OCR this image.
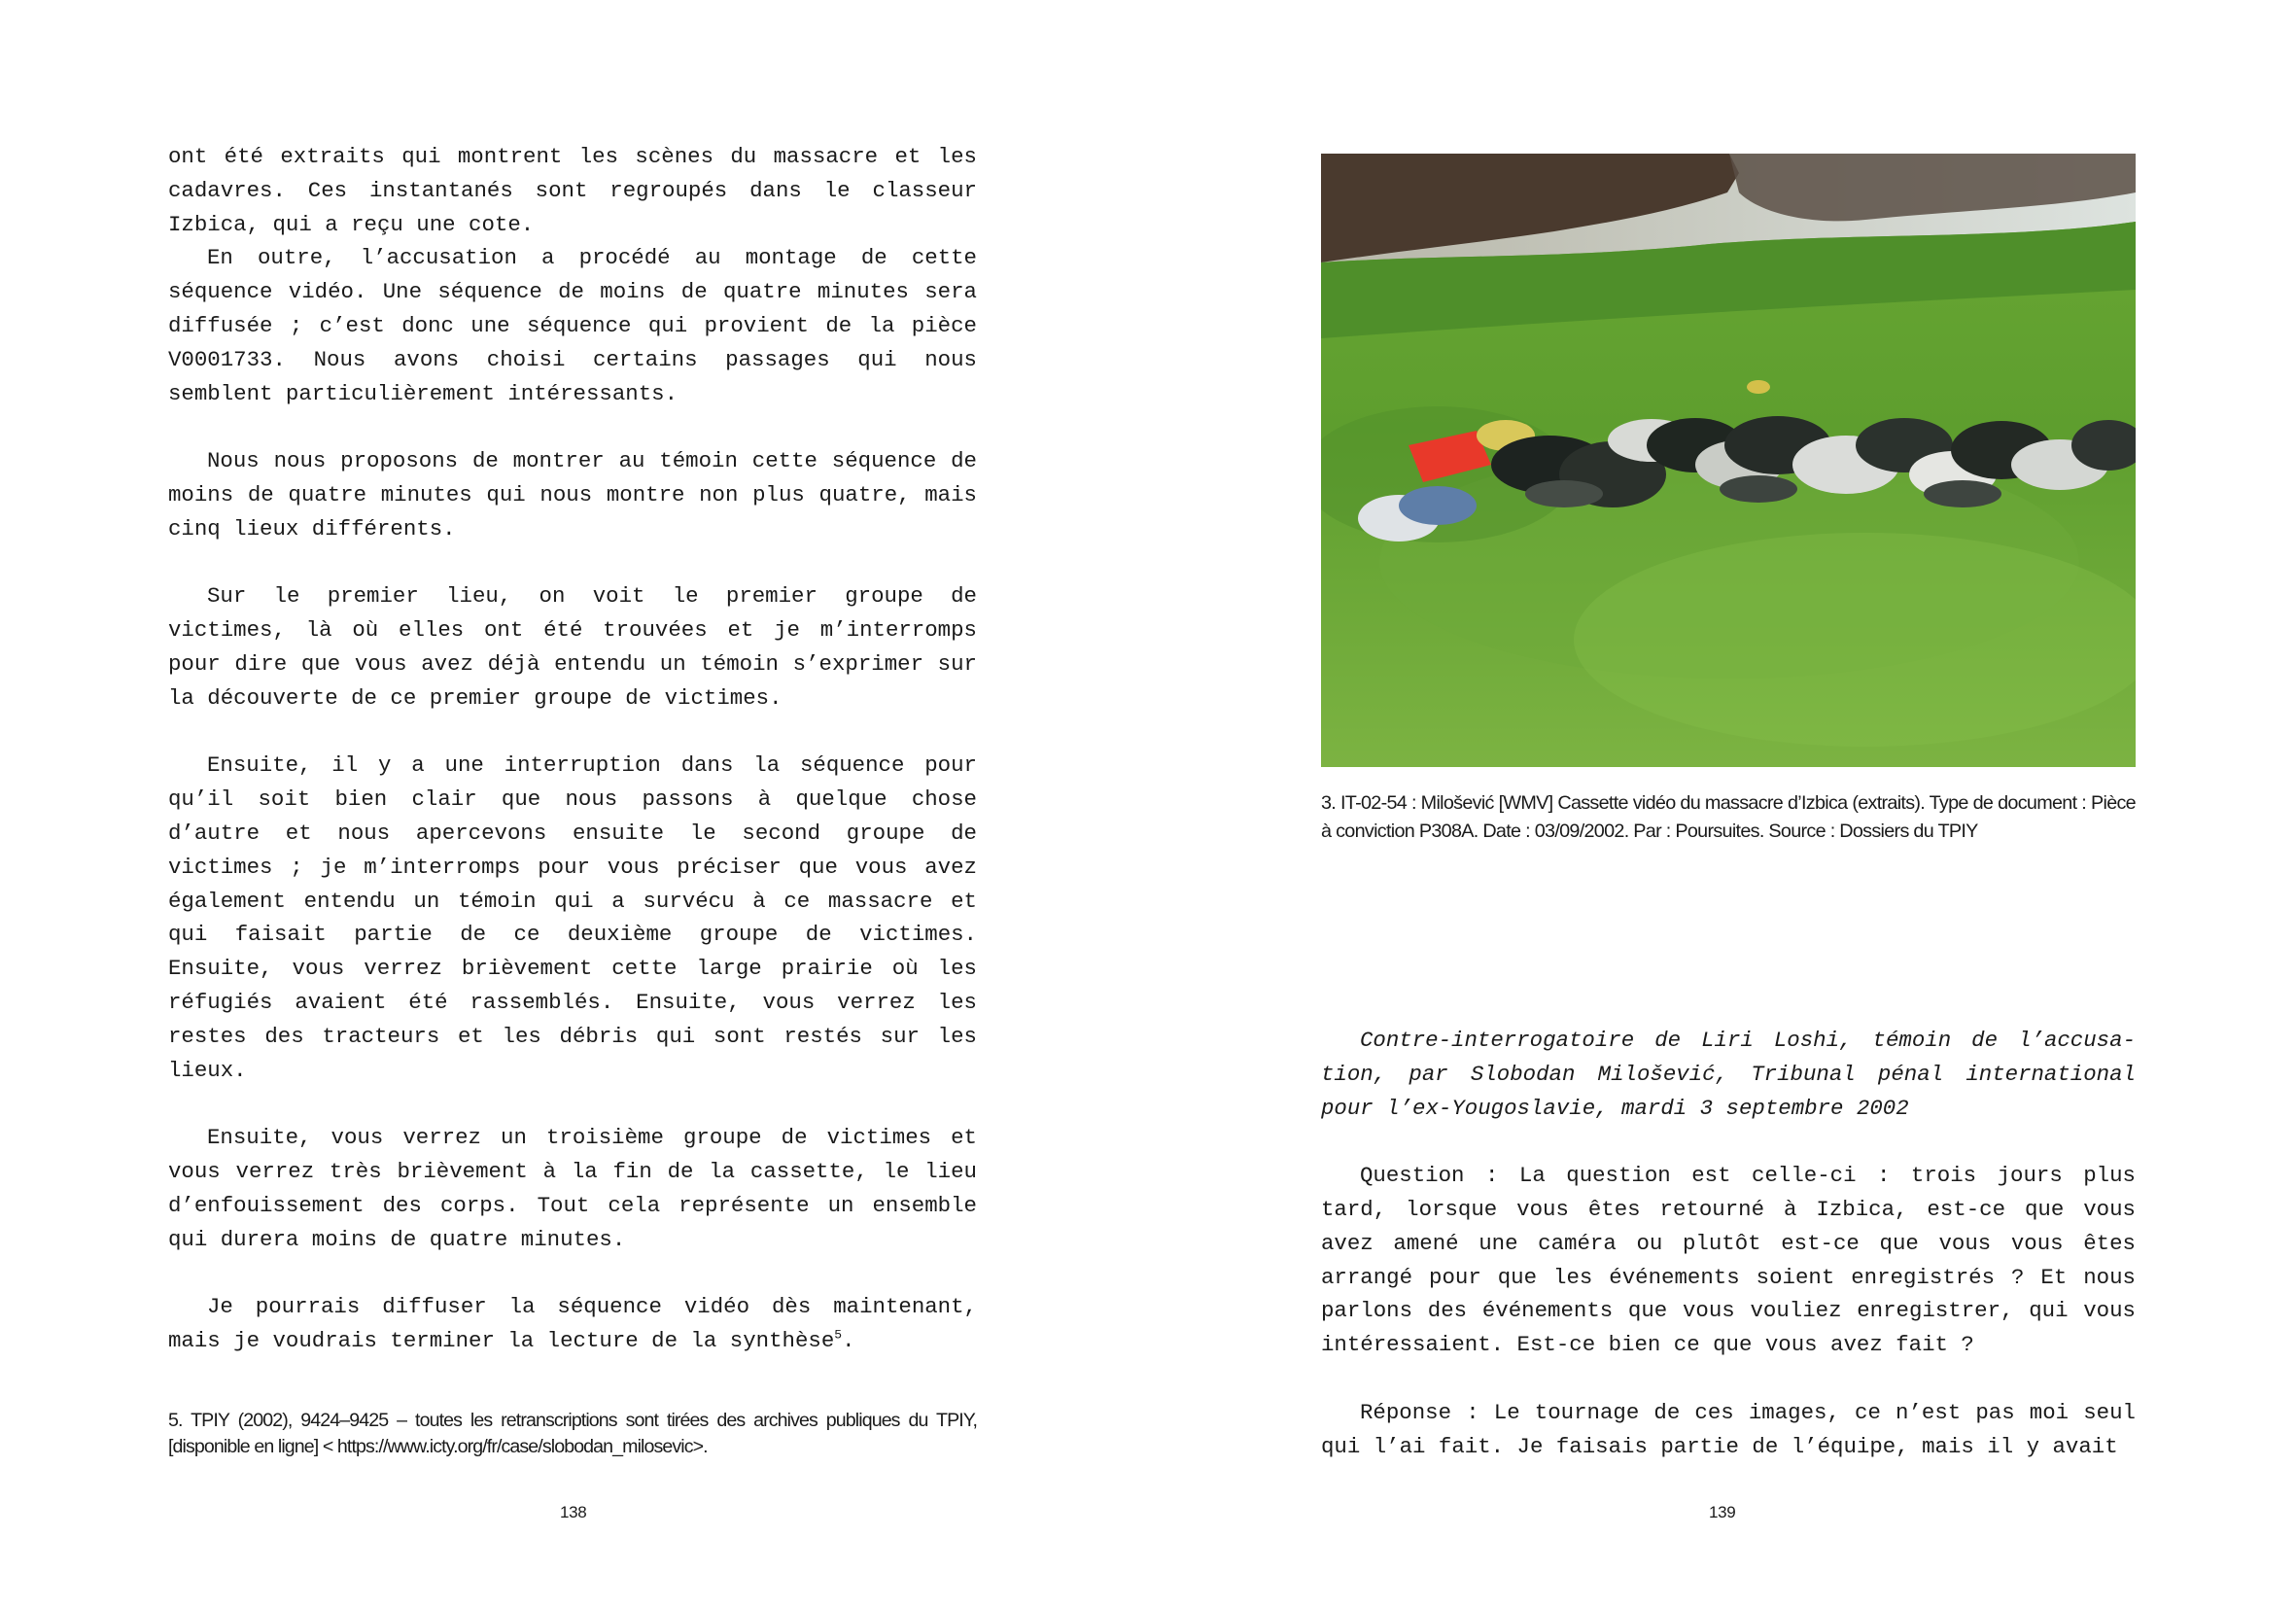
ont été extraits qui montrent les scènes du massacre et les cadavres. Ces instantanés sont regroupés dans le classeur Izbica, qui a reçu une cote.

En outre, l’accusation a procédé au montage de cette séquence vidéo. Une séquence de moins de quatre minutes sera diffusée ; c’est donc une séquence qui provient de la pièce V0001733. Nous avons choisi certains passages qui nous semblent particulièrement intéressants.

Nous nous proposons de montrer au témoin cette séquence de moins de quatre minutes qui nous montre non plus quatre, mais cinq lieux différents.

Sur le premier lieu, on voit le premier groupe de victimes, là où elles ont été trouvées et je m’interromps pour dire que vous avez déjà entendu un témoin s’exprimer sur la découverte de ce premier groupe de victimes.

Ensuite, il y a une interruption dans la séquence pour qu’il soit bien clair que nous passons à quelque chose d’autre et nous apercevons ensuite le second groupe de victimes ; je m’interromps pour vous préciser que vous avez également entendu un témoin qui a survécu à ce massacre et qui faisait partie de ce deuxième groupe de victimes. Ensuite, vous verrez brièvement cette large prairie où les réfugiés avaient été rassemblés. Ensuite, vous verrez les restes des tracteurs et les débris qui sont restés sur les lieux.

Ensuite, vous verrez un troisième groupe de victimes et vous verrez très brièvement à la fin de la cassette, le lieu d’enfouissement des corps. Tout cela représente un ensemble qui durera moins de quatre minutes.

Je pourrais diffuser la séquence vidéo dès maintenant, mais je voudrais terminer la lecture de la synthèse$^5$.

5. TPIY (2002), 9424–9425 – toutes les retranscriptions sont tirées des archives publiques du TPIY, [disponible en ligne] < https://www.icty.org/fr/case/slobodan_milosevic>.
138
3. IT-02-54 : Milošević [WMV] Cassette vidéo du massacre d’Izbica (extraits). Type de document : Pièce à conviction P308A. Date : 03/09/2002. Par : Poursuites. Source : Dossiers du TPIY

Contre-interrogatoire de Liri Loshi, témoin de l’accusation, par Slobodan Milošević, Tribunal pénal international pour l’ex-Yougoslavie, mardi 3 septembre 2002

Question : La question est celle-ci : trois jours plus tard, lorsque vous êtes retourné à Izbica, est-ce que vous avez amené une caméra ou plutôt est-ce que vous vous êtes arrangé pour que les événements soient enregistrés ? Et nous parlons des événements que vous vouliez enregistrer, qui vous intéressaient. Est-ce bien ce que vous avez fait ?

Réponse : Le tournage de ces images, ce n’est pas moi seul qui l’ai fait. Je faisais partie de l’équipe, mais il y avait

139
